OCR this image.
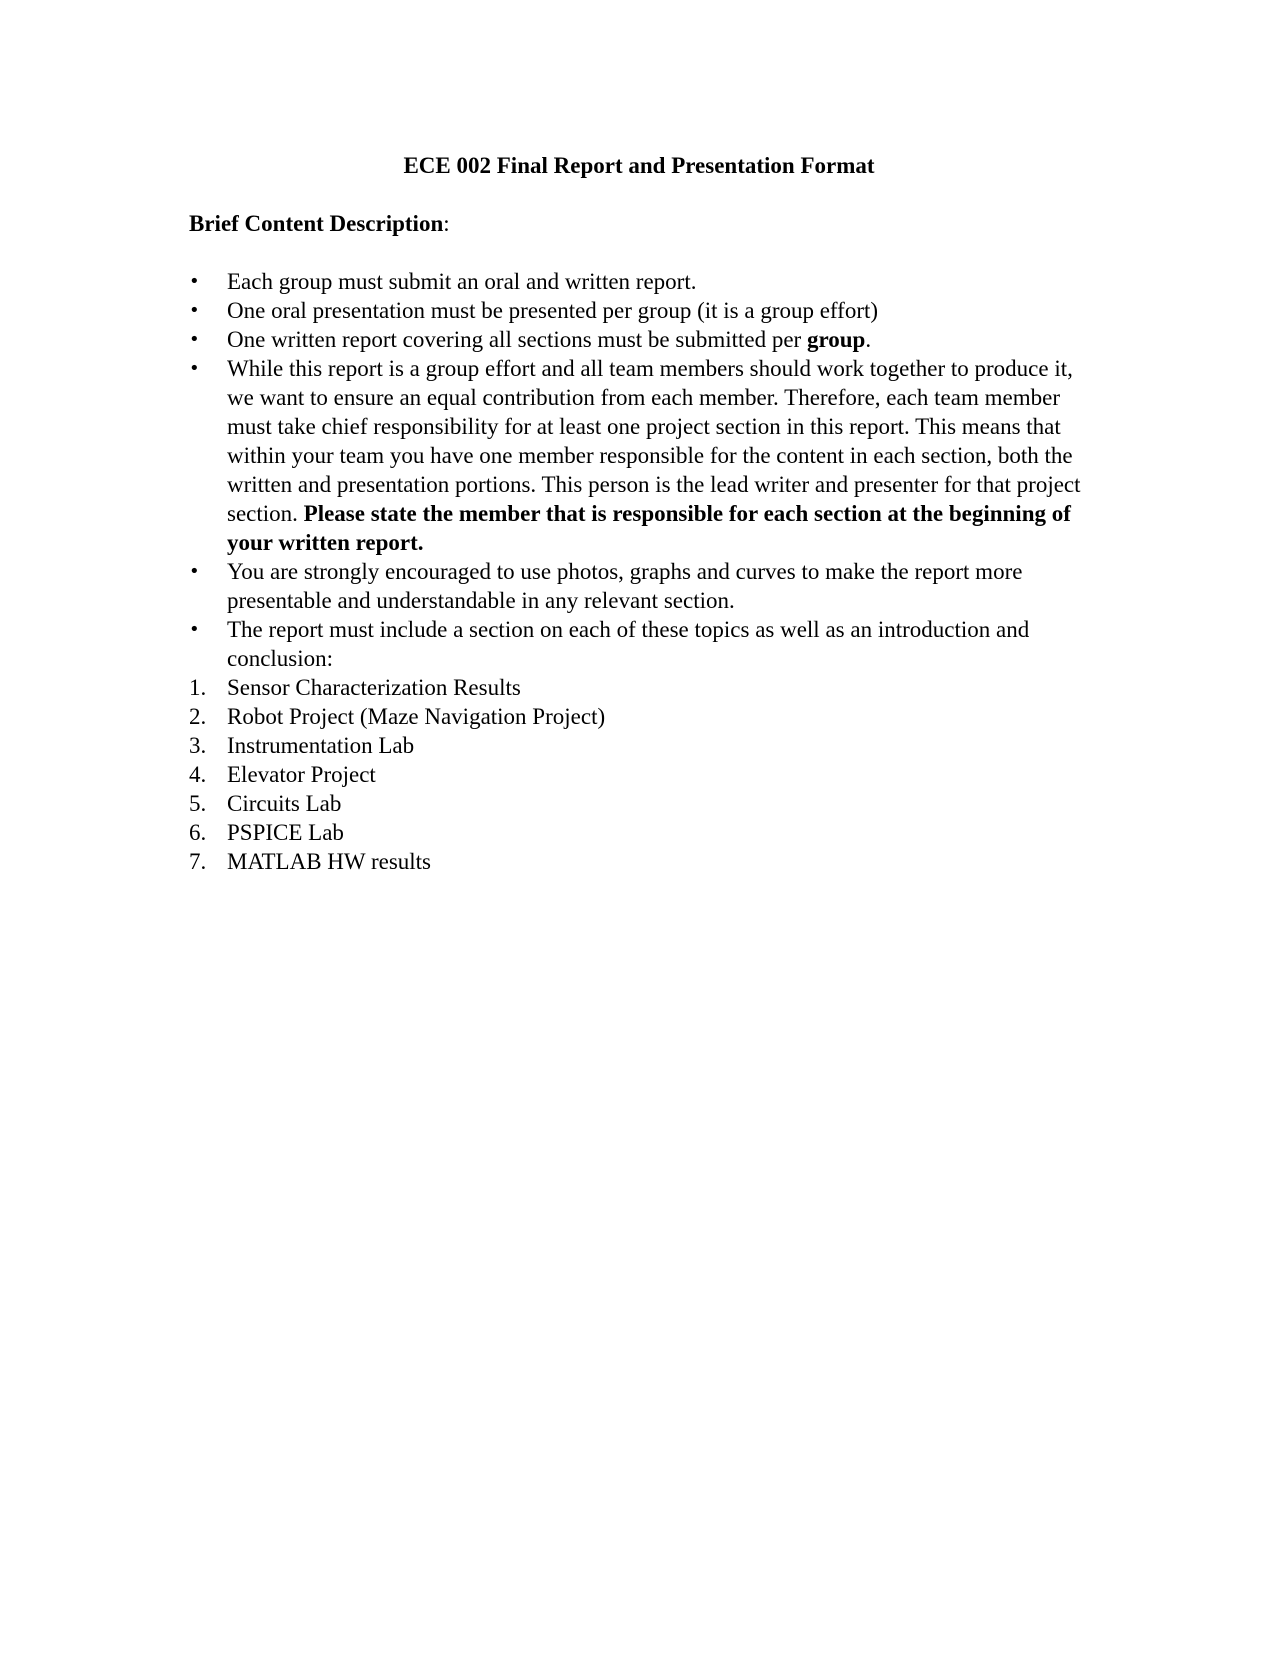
ECE 002 Final Report and Presentation Format

Brief Content Description:

•	Each group must submit an oral and written report.
•	One oral presentation must be presented per group (it is a group effort)
•	One written report covering all sections must be submitted per group.
•	While this report is a group effort and all team members should work together to produce it, we want to ensure an equal contribution from each member. Therefore, each team member must take chief responsibility for at least one project section in this report. This means that within your team you have one member responsible for the content in each section, both the written and presentation portions. This person is the lead writer and presenter for that project section. Please state the member that is responsible for each section at the beginning of your written report.
•	You are strongly encouraged to use photos, graphs and curves to make the report more presentable and understandable in any relevant section.
•	The report must include a section on each of these topics as well as an introduction and conclusion:
1. Sensor Characterization Results
2. Robot Project (Maze Navigation Project)
3. Instrumentation Lab
4. Elevator Project
5. Circuits Lab
6. PSPICE Lab
7. MATLAB HW results
